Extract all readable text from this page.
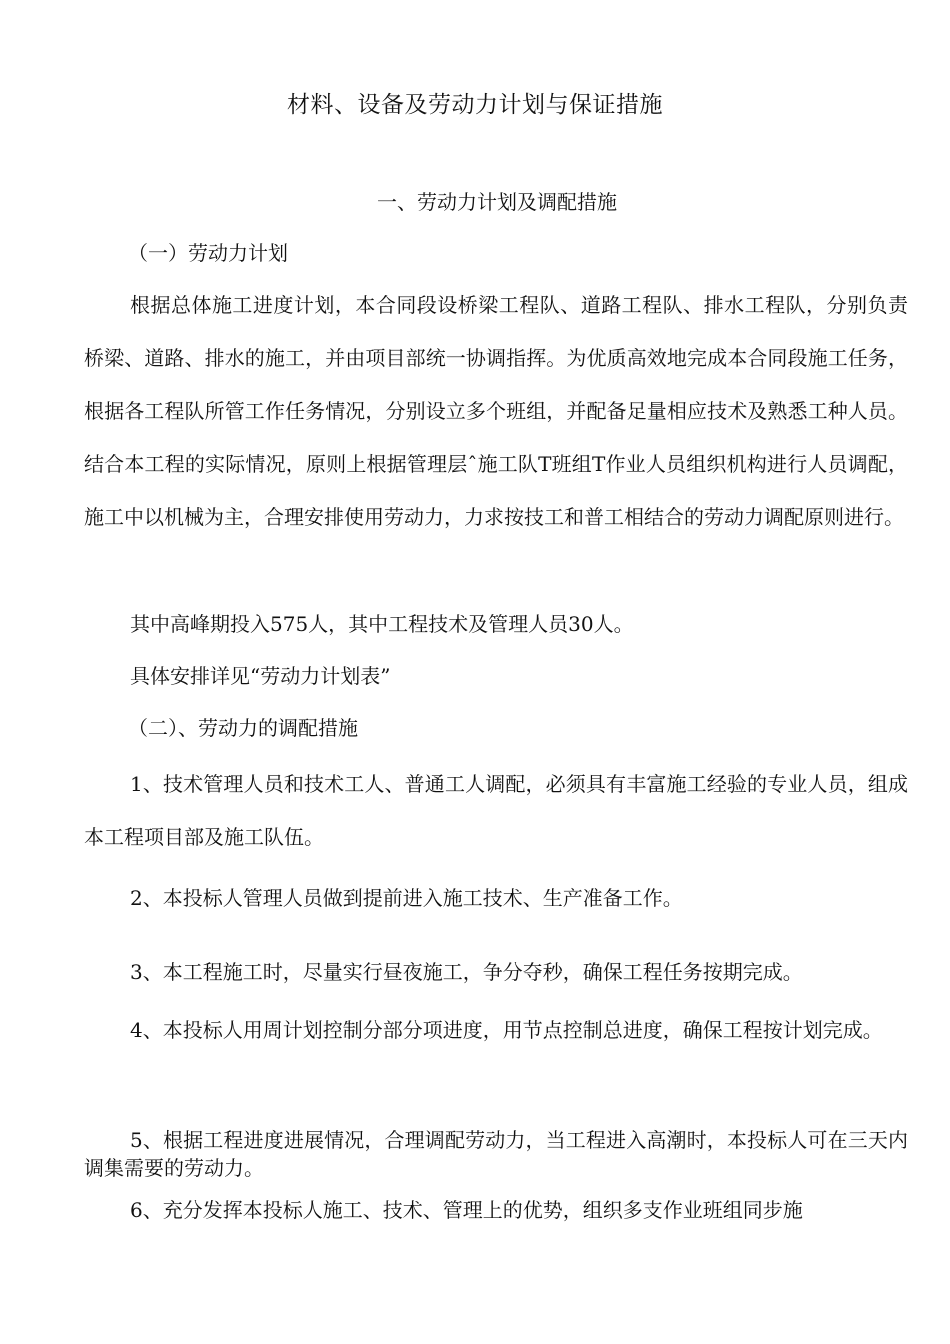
材料、设备及劳动力计划与保证措施
一、劳动力计划及调配措施
（一）劳动力计划

根据总体施工进度计划，本合同段设桥梁工程队、道路工程队、排水工程队，分别负责桥梁、道路、排水的施工，并由项目部统一协调指挥。为优质高效地完成本合同段施工任务，根据各工程队所管工作任务情况，分别设立多个班组，并配备足量相应技术及熟悉工种人员。结合本工程的实际情况，原则上根据管理层ˆ施工队T班组T作业人员组织机构进行人员调配，施工中以机械为主，合理安排使用劳动力，力求按技工和普工相结合的劳动力调配原则进行。

其中高峰期投入575人，其中工程技术及管理人员30人。
具体安排详见“劳动力计划表”
（二）、劳动力的调配措施

1、技术管理人员和技术工人、普通工人调配，必须具有丰富施工经验的专业人员，组成本工程项目部及施工队伍。

2、本投标人管理人员做到提前进入施工技术、生产准备工作。
3、本工程施工时，尽量实行昼夜施工，争分夺秒，确保工程任务按期完成。

4、本投标人用周计划控制分部分项进度，用节点控制总进度，确保工程按计划完成。

5、根据工程进度进展情况，合理调配劳动力，当工程进入高潮时，本投标人可在三天内调集需要的劳动力。

6、充分发挥本投标人施工、技术、管理上的优势，组织多支作业班组同步施
